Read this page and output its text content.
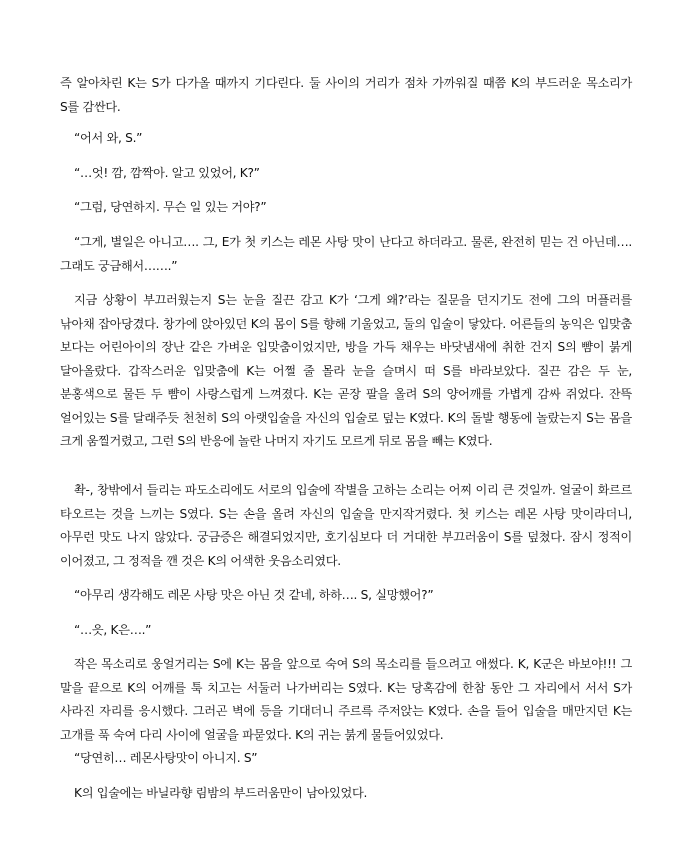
즉 알아차린 K는 S가 다가올 때까지 기다린다. 둘 사이의 거리가 점차 가까워질 때쯤 K의 부드러운 목소리가 S를 감싼다.

“어서 와, S.”

“…엇! 깜, 깜짝아. 알고 있었어, K?”

“그럼, 당연하지. 무슨 일 있는 거야?”

“그게, 별일은 아니고…. 그, E가 첫 키스는 레몬 사탕 맛이 난다고 하더라고. 물론, 완전히 믿는 건 아닌데…. 그래도 궁금해서…….”

지금 상황이 부끄러웠는지 S는 눈을 질끈 감고 K가 ‘그게 왜?’라는 질문을 던지기도 전에 그의 머플러를 낚아채 잡아당겼다. 창가에 앉아있던 K의 몸이 S를 향해 기울었고, 둘의 입술이 닿았다. 어른들의 농익은 입맞춤 보다는 어린아이의 장난 같은 가벼운 입맞춤이었지만, 방을 가득 채우는 바닷냄새에 취한 건지 S의 뺨이 붉게 달아올랐다. 갑작스러운 입맞춤에 K는 어쩔 줄 몰라 눈을 슬며시 떠 S를 바라보았다. 질끈 감은 두 눈, 분홍색으로 물든 두 뺨이 사랑스럽게 느껴졌다. K는 곧장 팔을 올려 S의 양어깨를 가볍게 감싸 쥐었다. 잔뜩 얼어있는 S를 달래주듯 천천히 S의 아랫입술을 자신의 입술로 덮는 K였다. K의 돌발 행동에 놀랐는지 S는 몸을 크게 움찔거렸고, 그런 S의 반응에 놀란 나머지 자기도 모르게 뒤로 몸을 빼는 K였다.

촥-, 창밖에서 들리는 파도소리에도 서로의 입술에 작별을 고하는 소리는 어찌 이리 큰 것일까. 얼굴이 화르르 타오르는 것을 느끼는 S였다. S는 손을 올려 자신의 입술을 만지작거렸다. 첫 키스는 레몬 사탕 맛이라더니, 아무런 맛도 나지 않았다. 궁금증은 해결되었지만, 호기심보다 더 거대한 부끄러움이 S를 덮쳤다. 잠시 정적이 이어졌고, 그 정적을 깬 것은 K의 어색한 웃음소리였다.

“아무리 생각해도 레몬 사탕 맛은 아닌 것 같네, 하하…. S, 실망했어?”

“…읏, K은….”

작은 목소리로 웅얼거리는 S에 K는 몸을 앞으로 숙여 S의 목소리를 들으려고 애썼다. K, K군은 바보야!!! 그 말을 끝으로 K의 어깨를 툭 치고는 서둘러 나가버리는 S였다. K는 당혹감에 한참 동안 그 자리에서 서서 S가 사라진 자리를 응시했다. 그러곤 벽에 등을 기대더니 주르륵 주저앉는 K였다. 손을 들어 입술을 매만지던 K는 고개를 푹 숙여 다리 사이에 얼굴을 파묻었다. K의 귀는 붉게 물들어있었다.

“당연히… 레몬사탕맛이 아니지. S”

K의 입술에는 바닐라향 림밤의 부드러움만이 남아있었다.
